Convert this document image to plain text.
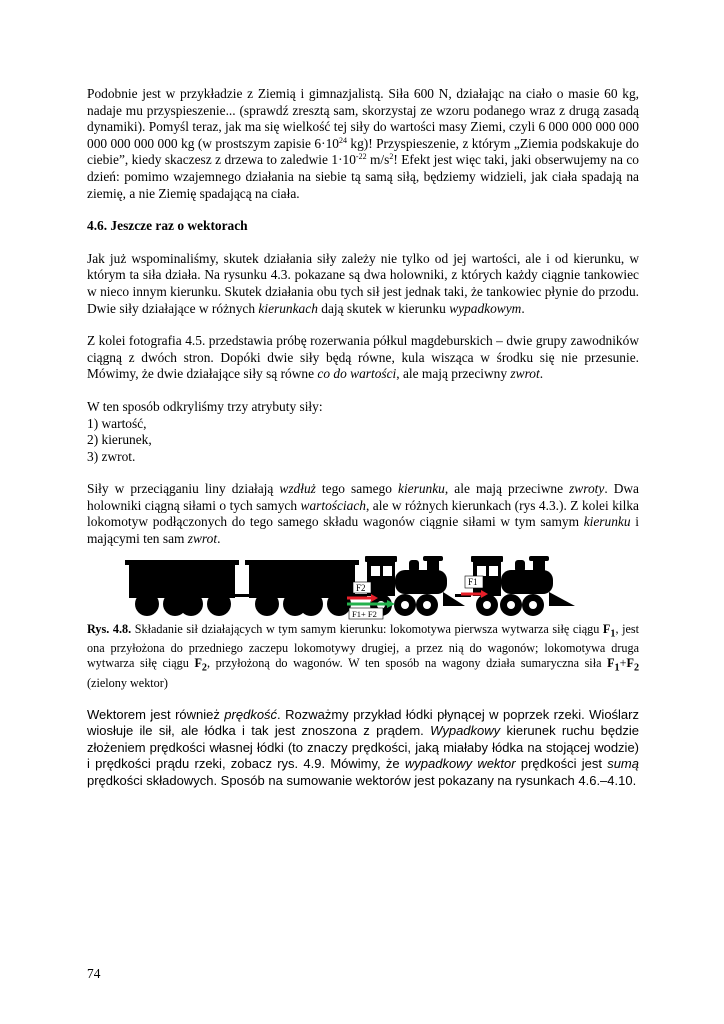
Podobnie jest w przykładzie z Ziemią i gimnazjalistą. Siła 600 N, działając na ciało o masie 60 kg, nadaje mu przyspieszenie... (sprawdź zresztą sam, skorzystaj ze wzoru podanego wraz z drugą zasadą dynamiki). Pomyśl teraz, jak ma się wielkość tej siły do wartości masy Ziemi, czyli 6 000 000 000 000 000 000 000 000 kg (w prostszym zapisie $6\cdot 10^{24}$ kg)! Przyspieszenie, z którym „Ziemia podskakuje do ciebie”, kiedy skaczesz z drzewa to zaledwie $1\cdot 10^{-22}$ $m/s^2$! Efekt jest więc taki, jaki obserwujemy na co dzień: pomimo wzajemnego działania na siebie tą samą siłą, będziemy widzieli, jak ciała spadają na ziemię, a nie Ziemię spadającą na ciała.

4.6. Jeszcze raz o wektorach

Jak już wspominaliśmy, skutek działania siły zależy nie tylko od jej wartości, ale i od kierunku, w którym ta siła działa. Na rysunku 4.3. pokazane są dwa holowniki, z których każdy ciągnie tankowiec w nieco innym kierunku. Skutek działania obu tych sił jest jednak taki, że tankowiec płynie do przodu. Dwie siły działające w różnych kierunkach dają skutek w kierunku wypadkowym.

Z kolei fotografia 4.5. przedstawia próbę rozerwania półkul magdeburskich – dwie grupy zawodników ciągną z dwóch stron. Dopóki dwie siły będą równe, kula wisząca w środku się nie przesunie. Mówimy, że dwie działające siły są równe co do wartości, ale mają przeciwny zwrot.

W ten sposób odkryliśmy trzy atrybuty siły:

1) wartość,

2) kierunek,

3) zwrot.

Siły w przeciąganiu liny działają wzdłuż tego samego kierunku, ale mają przeciwne zwroty. Dwa holowniki ciągną siłami o tych samych wartościach, ale w różnych kierunkach (rys 4.3.). Z kolei kilka lokomotyw podłączonych do tego samego składu wagonów ciągnie siłami w tym samym kierunku i mającymi ten sam zwrot.

F2
F1
F1+ F2

Rys. 4.8. Składanie sił działających w tym samym kierunku: lokomotywa pierwsza wytwarza siłę ciągu $F_1$, jest ona przyłożona do przedniego zaczepu lokomotywy drugiej, a przez nią do wagonów; lokomotywa druga wytwarza siłę ciągu $F_2$, przyłożoną do wagonów. W ten sposób na wagony działa sumaryczna siła $F_1+F_2$ (zielony wektor)

Wektorem jest również prędkość. Rozważmy przykład łódki płynącej w poprzek rzeki. Wioślarz wiosłuje ile sił, ale łódka i tak jest znoszona z prądem. Wypadkowy kierunek ruchu będzie złożeniem prędkości własnej łódki (to znaczy prędkości, jaką miałaby łódka na stojącej wodzie) i prędkości prądu rzeki, zobacz rys. 4.9. Mówimy, że wypadkowy wektor prędkości jest sumą prędkości składowych. Sposób na sumowanie wektorów jest pokazany na rysunkach 4.6.–4.10.

74
